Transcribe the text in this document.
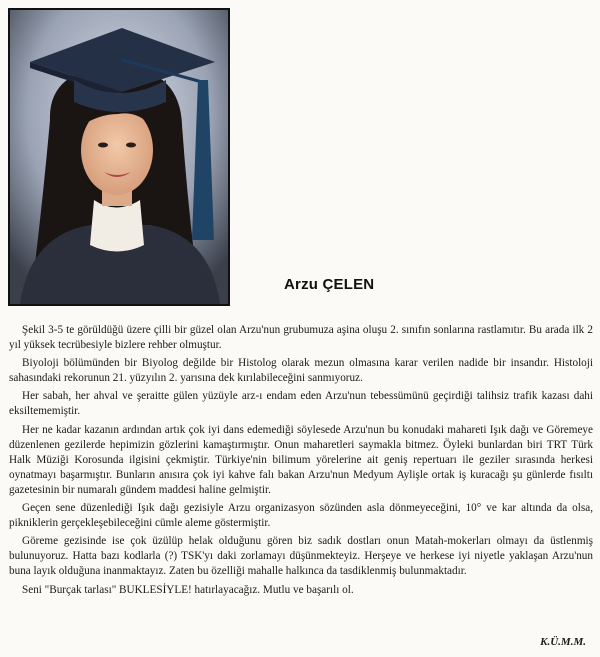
Arzu ÇELEN

Şekil 3-5 te görüldüğü üzere çilli bir güzel olan Arzu'nun grubumuza aşina oluşu 2. sınıfın sonlarına rastlamıtır. Bu arada ilk 2 yıl yüksek tecrübesiyle bizlere rehber olmuştur.

Biyoloji bölümünden bir Biyolog değilde bir Histolog olarak mezun olmasına karar verilen nadide bir insandır. Histoloji sahasındaki rekorunun 21. yüzyılın 2. yarısına dek kırılabileceğini sanmıyoruz.

Her sabah, her ahval ve şeraitte gülen yüzüyle arz-ı endam eden Arzu'nun tebessümünü geçirdiği talihsiz trafik kazası dahi eksiltememiştir.

Her ne kadar kazanın ardından artık çok iyi dans edemediği söylesede Arzu'nun bu konudaki mahareti Işık dağı ve Göremeye düzenlenen gezilerde hepimizin gözlerini kamaştırmıştır. Onun maharetleri saymakla bitmez. Öyleki bunlardan biri TRT Türk Halk Müziği Korosunda ilgisini çekmiştir. Türkiye'nin bilimum yörelerine ait geniş repertuarı ile geziler sırasında herkesi oynatmayı başarmıştır. Bunların anısıra çok iyi kahve falı bakan Arzu'nun Medyum Aylişle ortak iş kuracağı şu günlerde fısıltı gazetesinin bir numaralı gündem maddesi haline gelmiştir.

Geçen sene düzenlediği Işık dağı gezisiyle Arzu organizasyon sözünden asla dönmeyeceğini, 10° ve kar altında da olsa, pikniklerin gerçekleşebileceğini cümle aleme göstermiştir.

Göreme gezisinde ise çok üzülüp helak olduğunu gören biz sadık dostları onun Matah-mokerları olmayı da üstlenmiş bulunuyoruz. Hatta bazı kodlarla (?) TSK'yı daki zorlamayı düşünmekteyiz. Herşeye ve herkese iyi niyetle yaklaşan Arzu'nun buna layık olduğuna inanmaktayız. Zaten bu özelliği mahalle halkınca da tasdiklenmiş bulunmaktadır.

Seni "Burçak tarlası" BUKLESİYLE! hatırlayacağız. Mutlu ve başarılı ol.

K.Ü.M.M.
